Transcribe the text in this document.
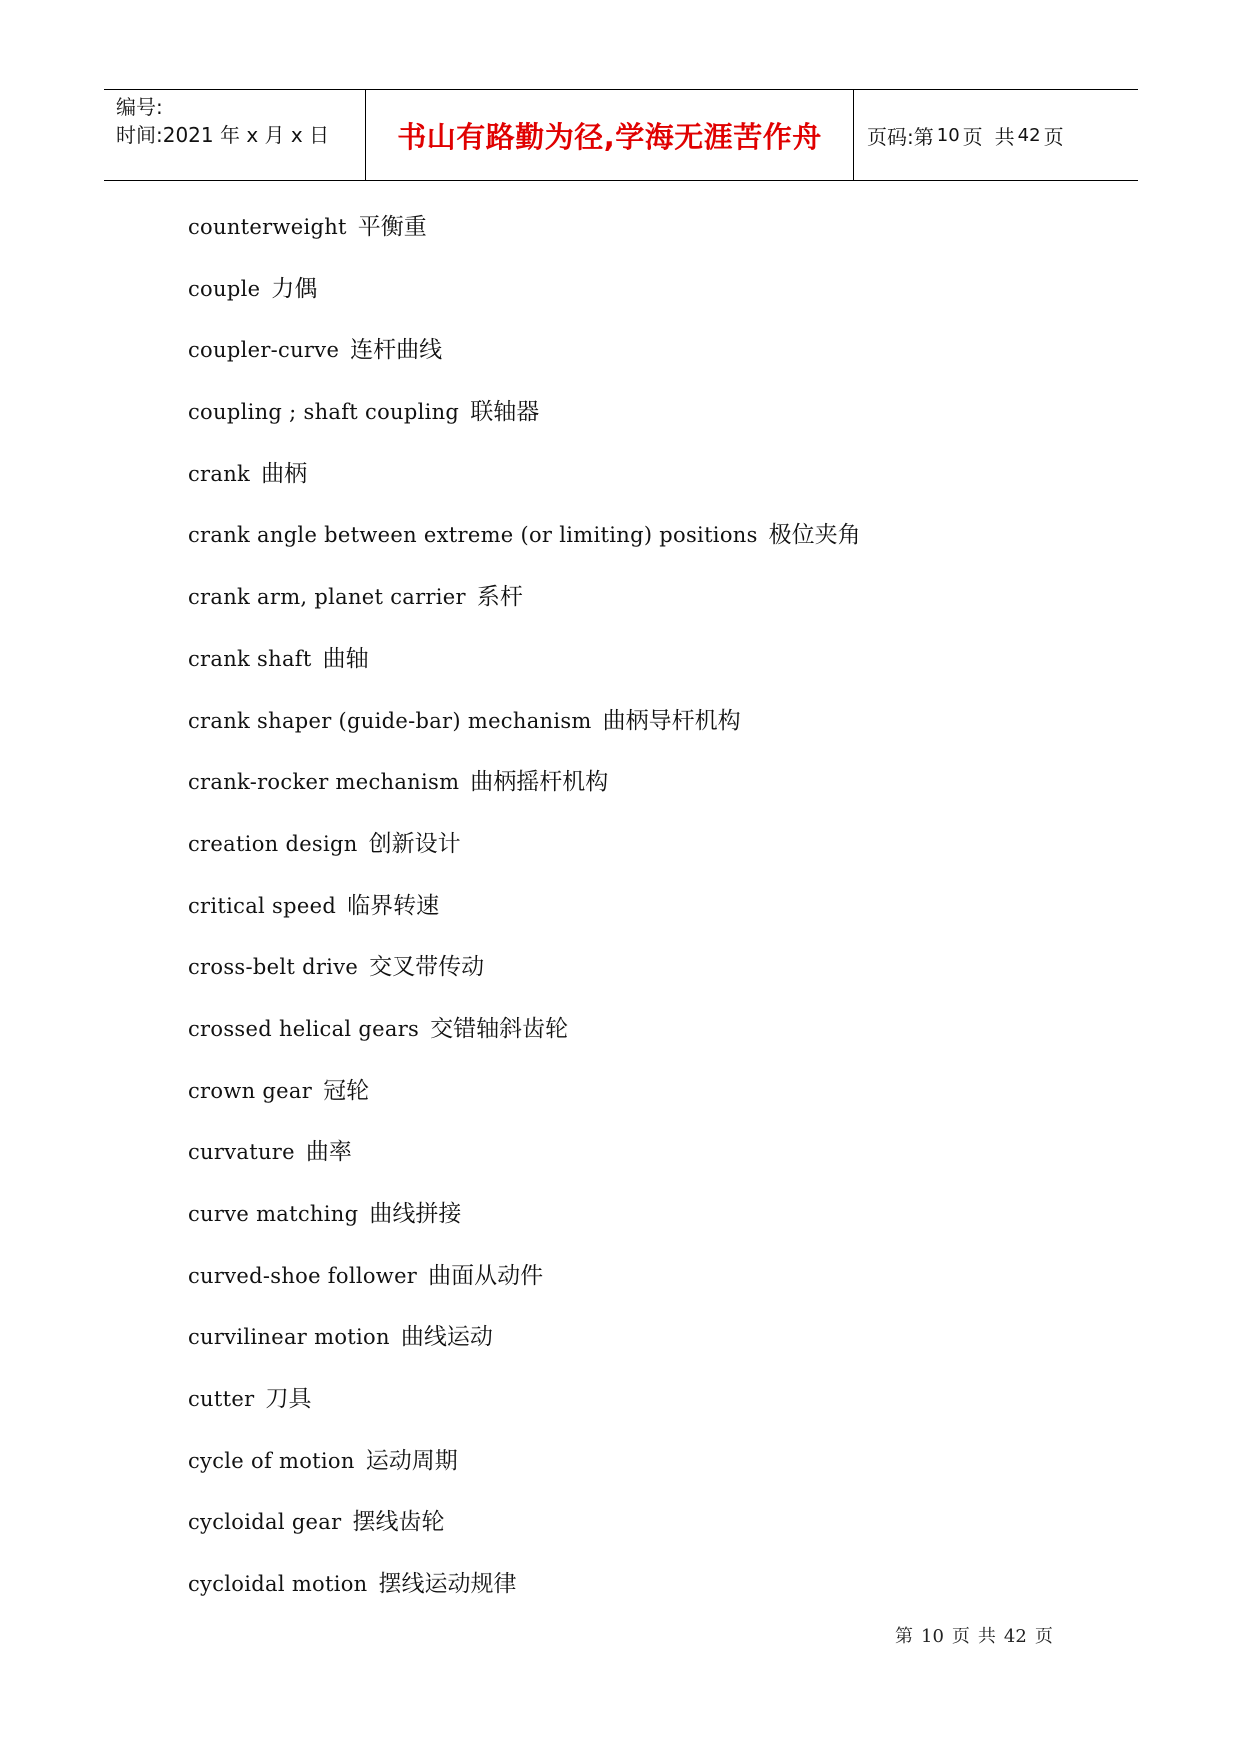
编号:
时间:2021 年 x 月 x 日	书山有路勤为径,学海无涯苦作舟	页码:第 10 页 共 42 页
counterweight 平衡重
couple 力偶
coupler-curve 连杆曲线
coupling ; shaft coupling 联轴器
crank 曲柄
crank angle between extreme (or limiting) positions 极位夹角
crank arm, planet carrier 系杆
crank shaft 曲轴
crank shaper (guide-bar) mechanism 曲柄导杆机构
crank-rocker mechanism 曲柄摇杆机构
creation design 创新设计
critical speed 临界转速
cross-belt drive 交叉带传动
crossed helical gears 交错轴斜齿轮
crown gear 冠轮
curvature 曲率
curve matching 曲线拼接
curved-shoe follower 曲面从动件
curvilinear motion 曲线运动
cutter 刀具
cycle of motion 运动周期
cycloidal gear 摆线齿轮
cycloidal motion 摆线运动规律
第 10 页 共 42 页
